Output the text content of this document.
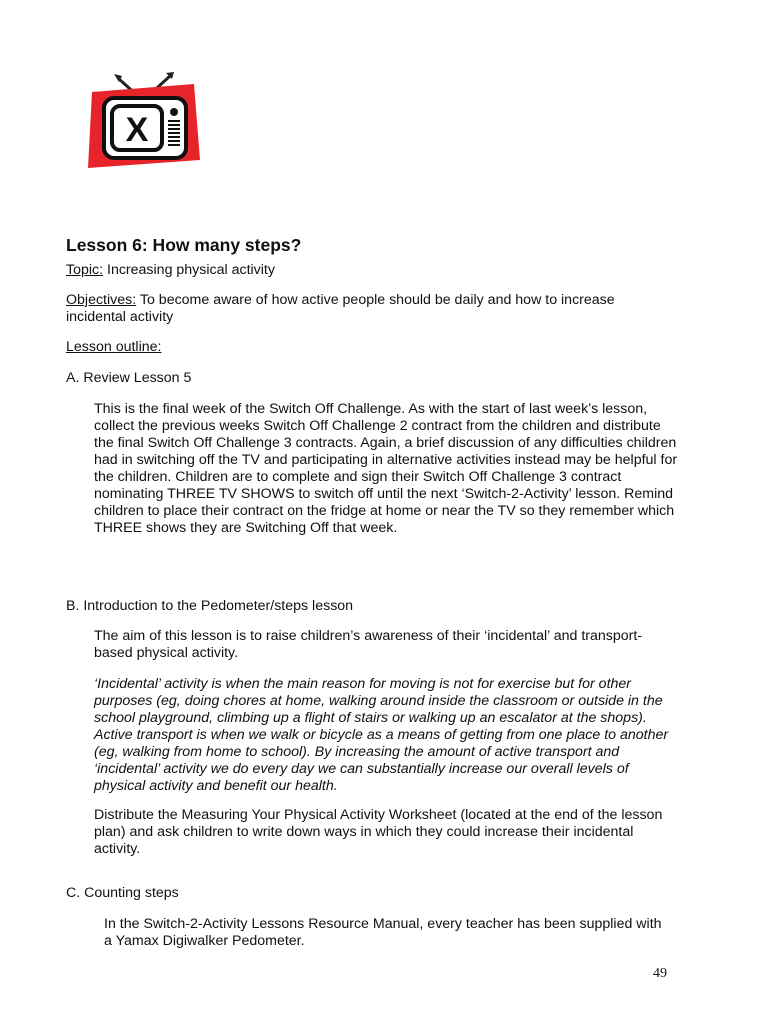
X
Lesson 6: How many steps?

Topic: Increasing physical activity

Objectives: To become aware of how active people should be daily and how to increase incidental activity

Lesson outline:

A. Review Lesson 5

This is the final week of the Switch Off Challenge. As with the start of last week’s lesson, collect the previous weeks Switch Off Challenge 2 contract from the children and distribute the final Switch Off Challenge 3 contracts. Again, a brief discussion of any difficulties children had in switching off the TV and participating in alternative activities instead may be helpful for the children. Children are to complete and sign their Switch Off Challenge 3 contract nominating THREE TV SHOWS to switch off until the next ‘Switch-2-Activity’ lesson. Remind children to place their contract on the fridge at home or near the TV so they remember which THREE shows they are Switching Off that week.

B. Introduction to the Pedometer/steps lesson

The aim of this lesson is to raise children’s awareness of their ‘incidental’ and transport-based physical activity.

‘Incidental’ activity is when the main reason for moving is not for exercise but for other purposes (eg, doing chores at home, walking around inside the classroom or outside in the school playground, climbing up a flight of stairs or walking up an escalator at the shops). Active transport is when we walk or bicycle as a means of getting from one place to another (eg, walking from home to school). By increasing the amount of active transport and ‘incidental’ activity we do every day we can substantially increase our overall levels of physical activity and benefit our health.

Distribute the Measuring Your Physical Activity Worksheet (located at the end of the lesson plan) and ask children to write down ways in which they could increase their incidental activity.

C. Counting steps

In the Switch-2-Activity Lessons Resource Manual, every teacher has been supplied with a Yamax Digiwalker Pedometer.

49
